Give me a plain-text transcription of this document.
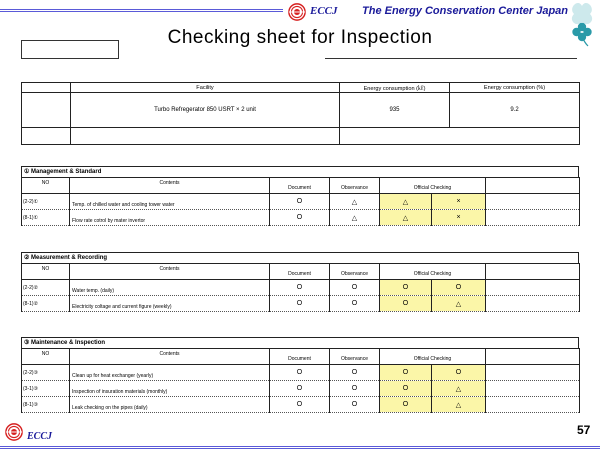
ECCJ The Energy Conservation Center Japan
Checking sheet for Inspection
	Facility	Energy consumption (㎘)	Energy consumption (%)
	Turbo Refregerator 850 USRT × 2 unit	935	9.2

① Management & Standard
NO	Contents	Document	Observance	Official Checking		
(2-2)①	Temp. of chilled water and cooling tower water	O	△	△	×	
(8-1)①	Flow rate cotrol by mater invertor	O	△	△	×	
② Measurement & Recording
NO	Contents	Document	Observance	Official Checking		
(2-2)②	Water temp. (daily)	O	O	O	O	
(8-1)②	Electricity coltage and current figure (weekly)	O	O	O	△	
③ Maintenance & Inspection
NO	Contents	Document	Observance	Official Checking		
(2-2)③	Clean up for heat exchanger (yearly)	O	O	O	O	
(3-1)③	Inspection of insuration materials (monthly)	O	O	O	△	
(8-1)③	Leak checking on the pipes (daily)	O	O	O	△	
ECCJ	57
